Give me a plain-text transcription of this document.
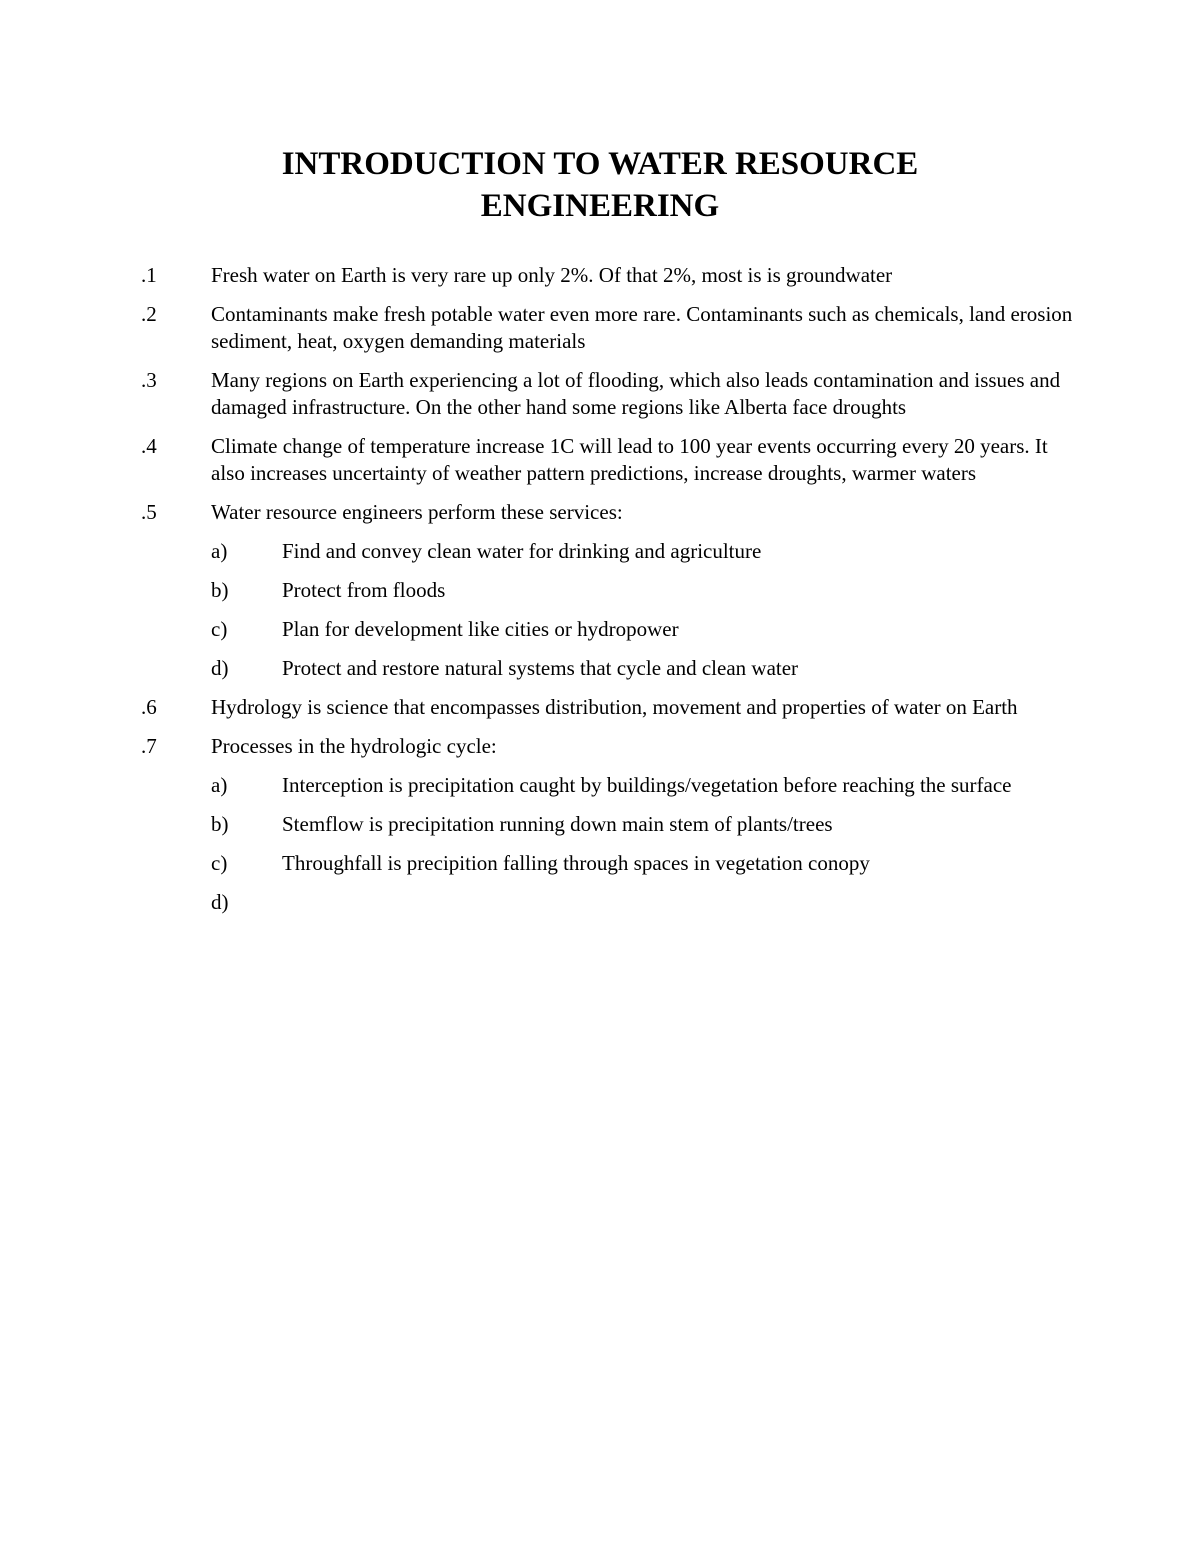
INTRODUCTION TO WATER RESOURCE
ENGINEERING
.1	Fresh water on Earth is very rare up only 2%. Of that 2%, most is is groundwater
.2	Contaminants make fresh potable water even more rare. Contaminants such as chemicals, land erosion sediment, heat, oxygen demanding materials
.3	Many regions on Earth experiencing a lot of flooding, which also leads contamination and issues and damaged infrastructure. On the other hand some regions like Alberta face droughts
.4	Climate change of temperature increase 1C will lead to 100 year events occurring every 20 years. It also increases uncertainty of weather pattern predictions, increase droughts, warmer waters
.5	Water resource engineers perform these services:
a)	Find and convey clean water for drinking and agriculture
b)	Protect from floods
c)	Plan for development like cities or hydropower
d)	Protect and restore natural systems that cycle and clean water
.6	Hydrology is science that encompasses distribution, movement and properties of water on Earth
.7	Processes in the hydrologic cycle:
a)	Interception is precipitation caught by buildings/vegetation before reaching the surface
b)	Stemflow is precipitation running down main stem of plants/trees
c)	Throughfall is precipition falling through spaces in vegetation conopy
d)
